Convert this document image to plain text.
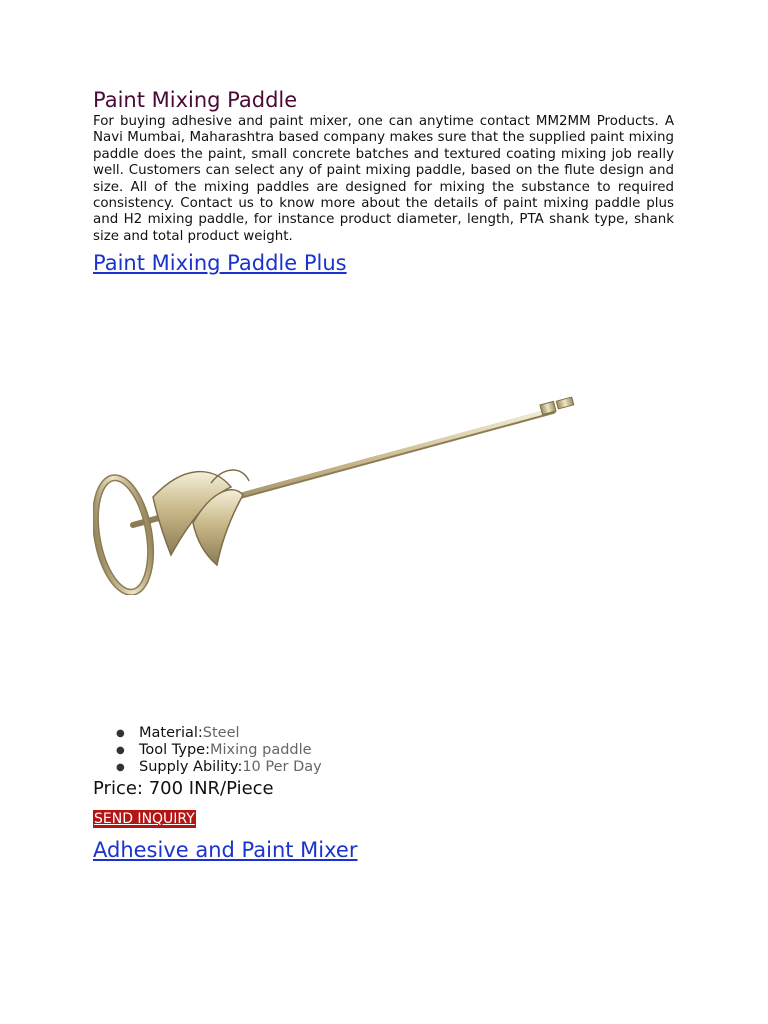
Paint Mixing Paddle

For buying adhesive and paint mixer, one can anytime contact MM2MM Products. A Navi Mumbai, Maharashtra based company makes sure that the supplied paint mixing paddle does the paint, small concrete batches and textured coating mixing job really well. Customers can select any of paint mixing paddle, based on the flute design and size. All of the mixing paddles are designed for mixing the substance to required consistency. Contact us to know more about the details of paint mixing paddle plus and H2 mixing paddle, for instance product diameter, length, PTA shank type, shank size and total product weight.

Paint Mixing Paddle Plus
● Material:Steel
● Tool Type:Mixing paddle
● Supply Ability:10 Per Day
Price: 700 INR/Piece
SEND INQUIRY
Adhesive and Paint Mixer
